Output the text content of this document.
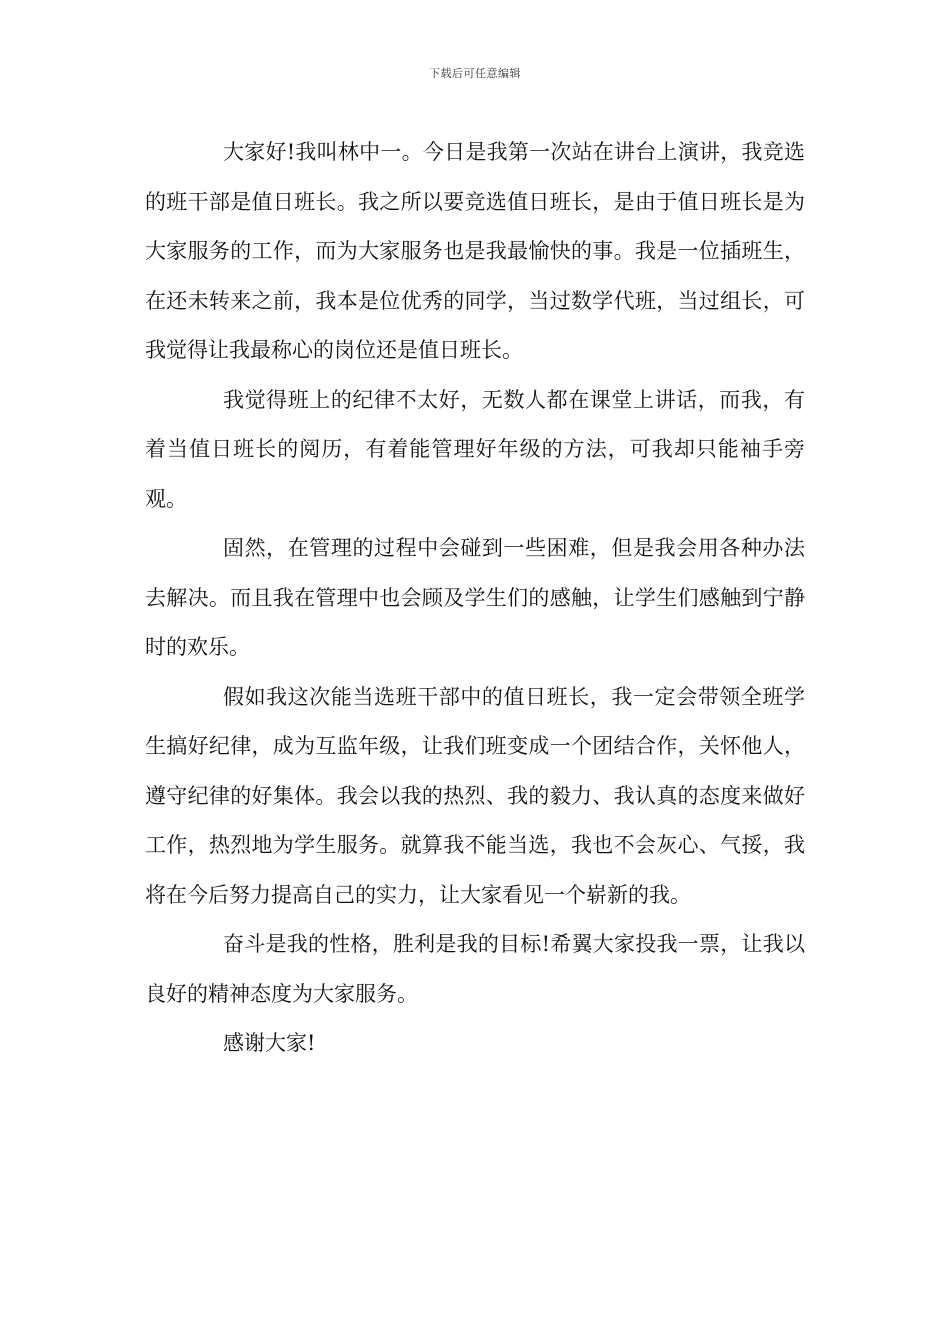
下载后可任意编辑

大家好!我叫林中一。今日是我第一次站在讲台上演讲，我竞选的班干部是值日班长。我之所以要竞选值日班长，是由于值日班长是为大家服务的工作，而为大家服务也是我最愉快的事。我是一位插班生，在还未转来之前，我本是位优秀的同学，当过数学代班，当过组长，可我觉得让我最称心的岗位还是值日班长。

我觉得班上的纪律不太好，无数人都在课堂上讲话，而我，有着当值日班长的阅历，有着能管理好年级的方法，可我却只能袖手旁观。

固然，在管理的过程中会碰到一些困难，但是我会用各种办法去解决。而且我在管理中也会顾及学生们的感触，让学生们感触到宁静时的欢乐。

假如我这次能当选班干部中的值日班长，我一定会带领全班学生搞好纪律，成为互监年级，让我们班变成一个团结合作，关怀他人，遵守纪律的好集体。我会以我的热烈、我的毅力、我认真的态度来做好工作，热烈地为学生服务。就算我不能当选，我也不会灰心、气挼，我将在今后努力提高自己的实力，让大家看见一个崭新的我。

奋斗是我的性格，胜利是我的目标!希翼大家投我一票，让我以良好的精神态度为大家服务。

感谢大家!
